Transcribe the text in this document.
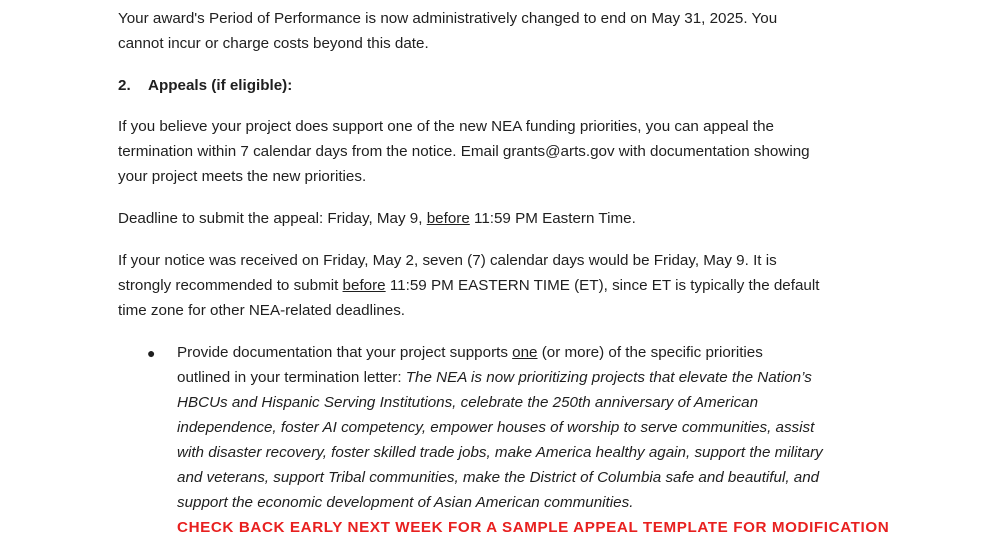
Your award's Period of Performance is now administratively changed to end on May 31, 2025. You
cannot incur or charge costs beyond this date.

2. Appeals (if eligible):

If you believe your project does support one of the new NEA funding priorities, you can appeal the
termination within 7 calendar days from the notice. Email grants@arts.gov with documentation showing
your project meets the new priorities.

Deadline to submit the appeal: Friday, May 9, before 11:59 PM Eastern Time.

If your notice was received on Friday, May 2, seven (7) calendar days would be Friday, May 9. It is
strongly recommended to submit before 11:59 PM EASTERN TIME (ET), since ET is typically the default
time zone for other NEA-related deadlines.

● Provide documentation that your project supports one (or more) of the specific priorities
outlined in your termination letter: The NEA is now prioritizing projects that elevate the Nation’s
HBCUs and Hispanic Serving Institutions, celebrate the 250th anniversary of American
independence, foster AI competency, empower houses of worship to serve communities, assist
with disaster recovery, foster skilled trade jobs, make America healthy again, support the military
and veterans, support Tribal communities, make the District of Columbia safe and beautiful, and
support the economic development of Asian American communities.

CHECK BACK EARLY NEXT WEEK FOR A SAMPLE APPEAL TEMPLATE FOR MODIFICATION
